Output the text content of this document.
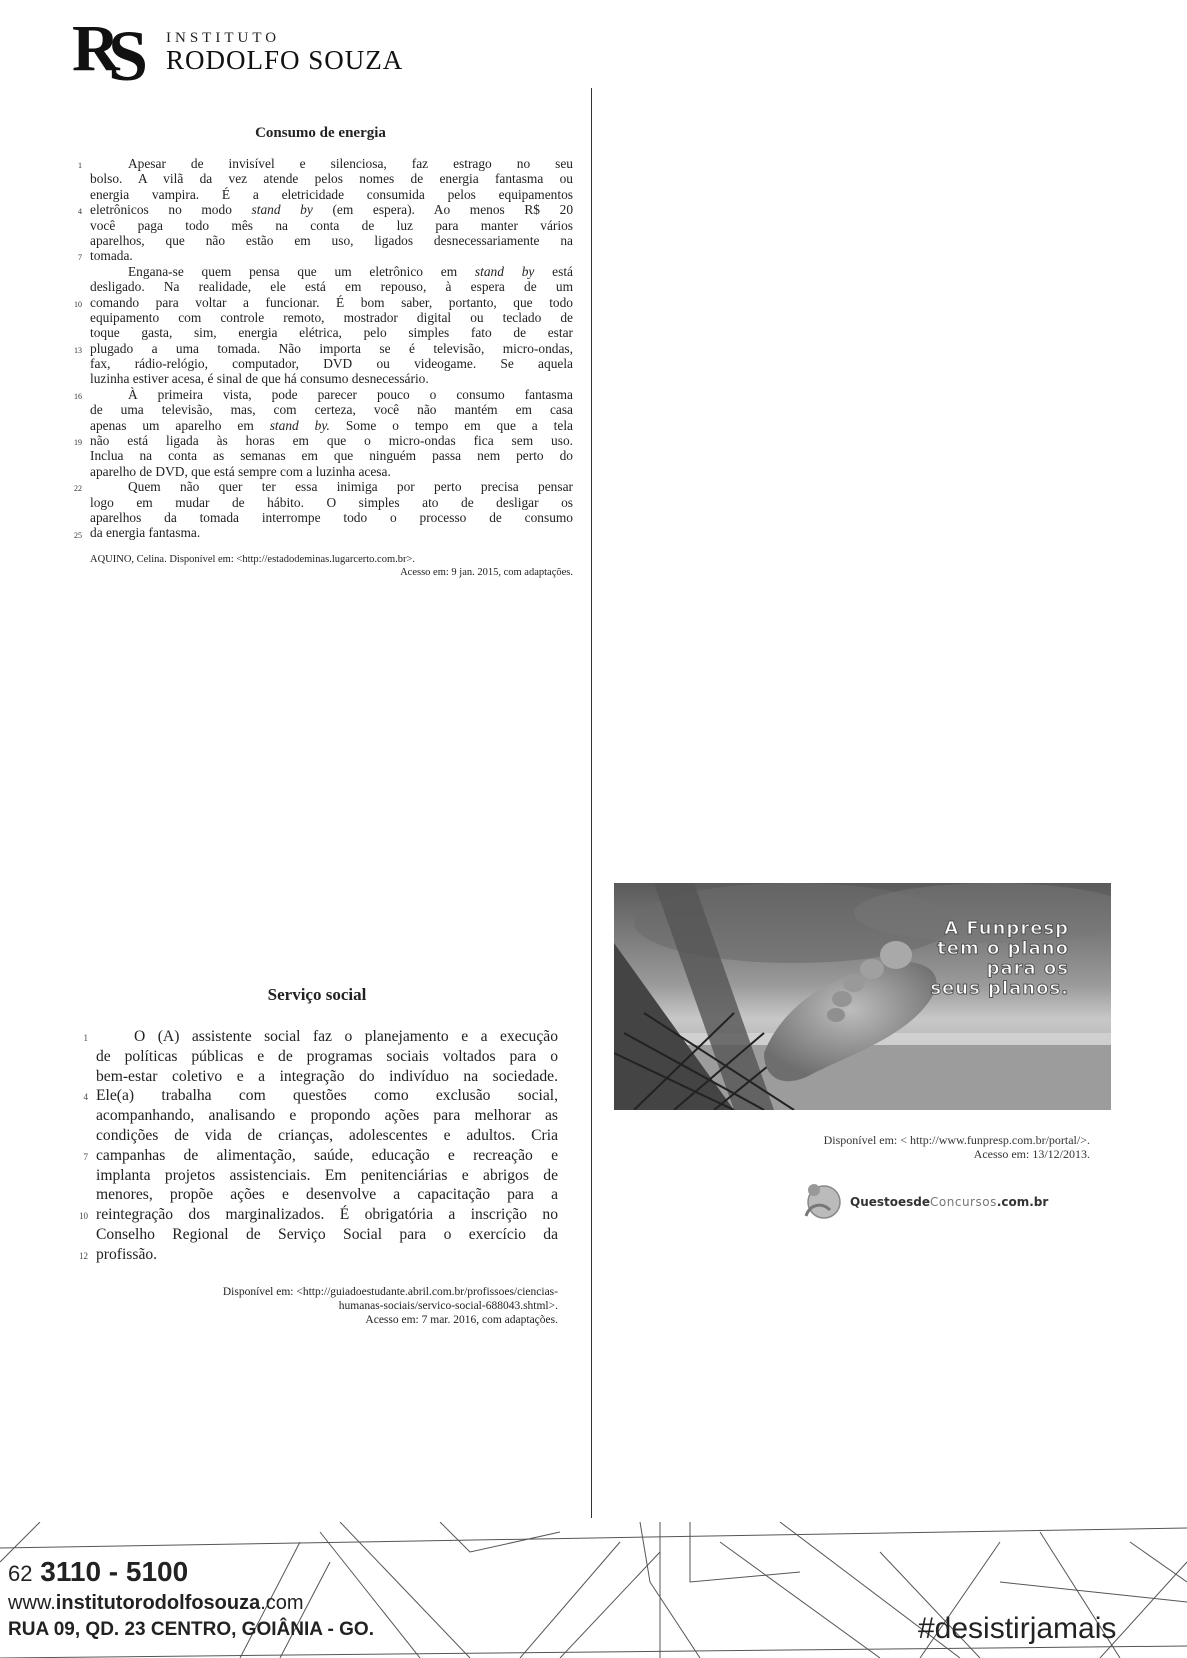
R
S INSTITUTO
RODOLFO SOUZA
Consumo de energia
1	Apesar de invisível e silenciosa, faz estrago no seu
bolso. A vilã da vez atende pelos nomes de energia fantasma ou
energia vampira. É a eletricidade consumida pelos equipamentos
4 eletrônicos no modo stand by (em espera). Ao menos R$ 20
você paga todo mês na conta de luz para manter vários
aparelhos, que não estão em uso, ligados desnecessariamente na
7 tomada.
Engana-se quem pensa que um eletrônico em stand by está
desligado. Na realidade, ele está em repouso, à espera de um
10 comando para voltar a funcionar. É bom saber, portanto, que todo
equipamento com controle remoto, mostrador digital ou teclado de
toque gasta, sim, energia elétrica, pelo simples fato de estar
13 plugado a uma tomada. Não importa se é televisão, micro-ondas,
fax, rádio-relógio, computador, DVD ou videogame. Se aquela
luzinha estiver acesa, é sinal de que há consumo desnecessário.
16	À primeira vista, pode parecer pouco o consumo fantasma
de uma televisão, mas, com certeza, você não mantém em casa
apenas um aparelho em stand by. Some o tempo em que a tela
19 não está ligada às horas em que o micro-ondas fica sem uso.
Inclua na conta as semanas em que ninguém passa nem perto do
aparelho de DVD, que está sempre com a luzinha acesa.
22	Quem não quer ter essa inimiga por perto precisa pensar
logo em mudar de hábito. O simples ato de desligar os
aparelhos da tomada interrompe todo o processo de consumo
25 da energia fantasma.
AQUINO, Celina. Disponível em: <http://estadodeminas.lugarcerto.com.br>.
Acesso em: 9 jan. 2015, com adaptações.
Serviço social
1	O (A) assistente social faz o planejamento e a execução
de políticas públicas e de programas sociais voltados para o
bem-estar coletivo e a integração do indivíduo na sociedade.
4 Ele(a) trabalha com questões como exclusão social,
acompanhando, analisando e propondo ações para melhorar as
condições de vida de crianças, adolescentes e adultos. Cria
7 campanhas de alimentação, saúde, educação e recreação e
implanta projetos assistenciais. Em penitenciárias e abrigos de
menores, propõe ações e desenvolve a capacitação para a
10 reintegração dos marginalizados. É obrigatória a inscrição no
Conselho Regional de Serviço Social para o exercício da
12 profissão.
Disponível em: <http://guiadoestudante.abril.com.br/profissoes/ciencias-
humanas-sociais/servico-social-688043.shtml>.
Acesso em: 7 mar. 2016, com adaptações.
A Funpresp
tem o plano
para os
seus planos.
Disponível em: < http://www.funpresp.com.br/portal/>.
Acesso em: 13/12/2013.
QuestoesdeConcursos.com.br
62 3110 - 5100
www.institutorodolfosouza.com
RUA 09, QD. 23 CENTRO, GOIÂNIA - GO.	#desistirjamais
